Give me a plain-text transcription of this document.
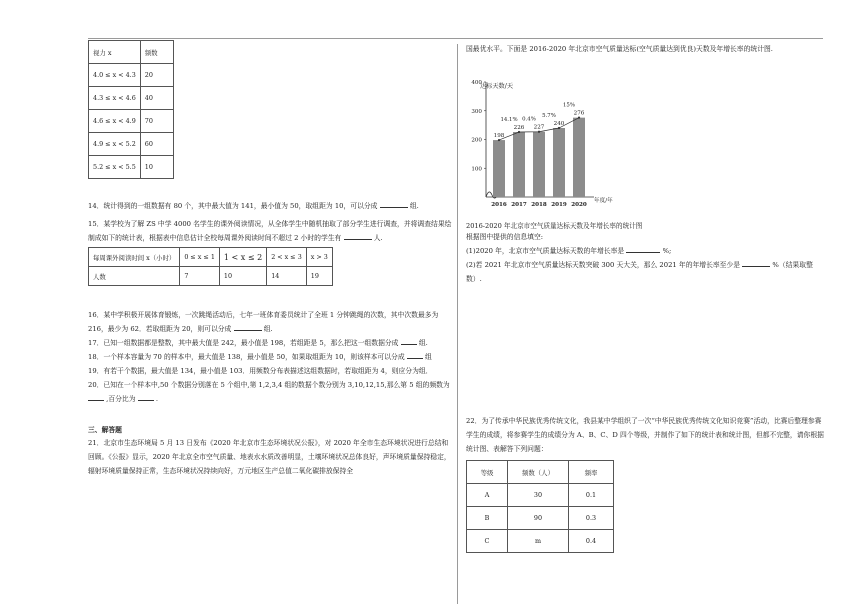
视力 x	频数
4.0 ≤ x < 4.3	20
4.3 ≤ x < 4.6	40
4.6 ≤ x < 4.9	70
4.9 ≤ x < 5.2	60
5.2 ≤ x < 5.5	10

14．统计得到的一组数据有 80 个，其中最大值为 141，最小值为 50，取组距为 10，可以分成	组.

15．某学校为了解 ZS 中学 4000 名学生的课外阅读情况，从全体学生中随机抽取了部分学生进行调查，并将调查结果绘制成如下的统计表，根据表中信息估计全校每周课外阅读时间不超过 2 小时的学生有	人.

每周课外阅读时间 x（小时）	0 ≤ x ≤ 1	1 < x ≤ 2	2 < x ≤ 3	x > 3
人数	7	10	14	19

16．某中学积极开展体育锻炼，一次跳绳活动后，七年一班体育委员统计了全班 1 分钟跳绳的次数，其中次数最多为 216，最少为 62．若取组距为 20，则可以分成	组.

17．已知一组数据都是整数，其中最大值是 242，最小值是 198，若组距是 5，那么把这一组数据分成	组.

18．一个样本容量为 70 的样本中，最大值是 138，最小值是 50，如果取组距为 10，则该样本可以分成	组

19．有若干个数据，最大值是 134，最小值是 103．用频数分布表描述这组数据时，若取组距为 4，则应分为组．

20．已知在一个样本中,50 个数据分别落在 5 个组中,第 1,2,3,4 组的数据个数分别为 3,10,12,15,那么第 5 组的频数为  ,百分比为	.

三、解答题

21．北京市生态环境局 5 月 13 日发布《2020 年北京市生态环境状况公报》，对 2020 年全市生态环境状况进行总结和回顾。《公报》显示，2020 年北京全市空气质量、地表水水质改善明显，土壤环境状况总体良好，声环境质量保持稳定，辐射环境质量保持正常，生态环境状况持续向好，万元地区生产总值二氧化碳排放保持全

国最优水平。下面是 2016-2020 年北京市空气质量达标(空气质量达到优良)天数及年增长率的统计图.

达标天数/天
年度/年
100
200
300
400
2016 2017 2018 2019 2020
198
226 227
240
276
14.1% 0.4%
5.7%
15%

2016-2020 年北京市空气质量达标天数及年增长率的统计图

根据图中提供的信息填空:

(1)2020 年，北京市空气质量达标天数的年增长率是	%;

(2)若 2021 年北京市空气质量达标天数突破 300 天大关，那么 2021 年的年增长率至少是	%（结果取整数）.

22．为了传承中华民族优秀传统文化，我县某中学组织了一次“中华民族优秀传统文化知识竞赛”活动，比赛后整理参赛学生的成绩，将参赛学生的成绩分为 A、B、C、D 四个等级，并制作了如下的统计表和统计图，但都不完整，请你根据统计图、表解答下列问题：

等级	频数（人）	频率
A	30	0.1
B	90	0.3
C	m	0.4
